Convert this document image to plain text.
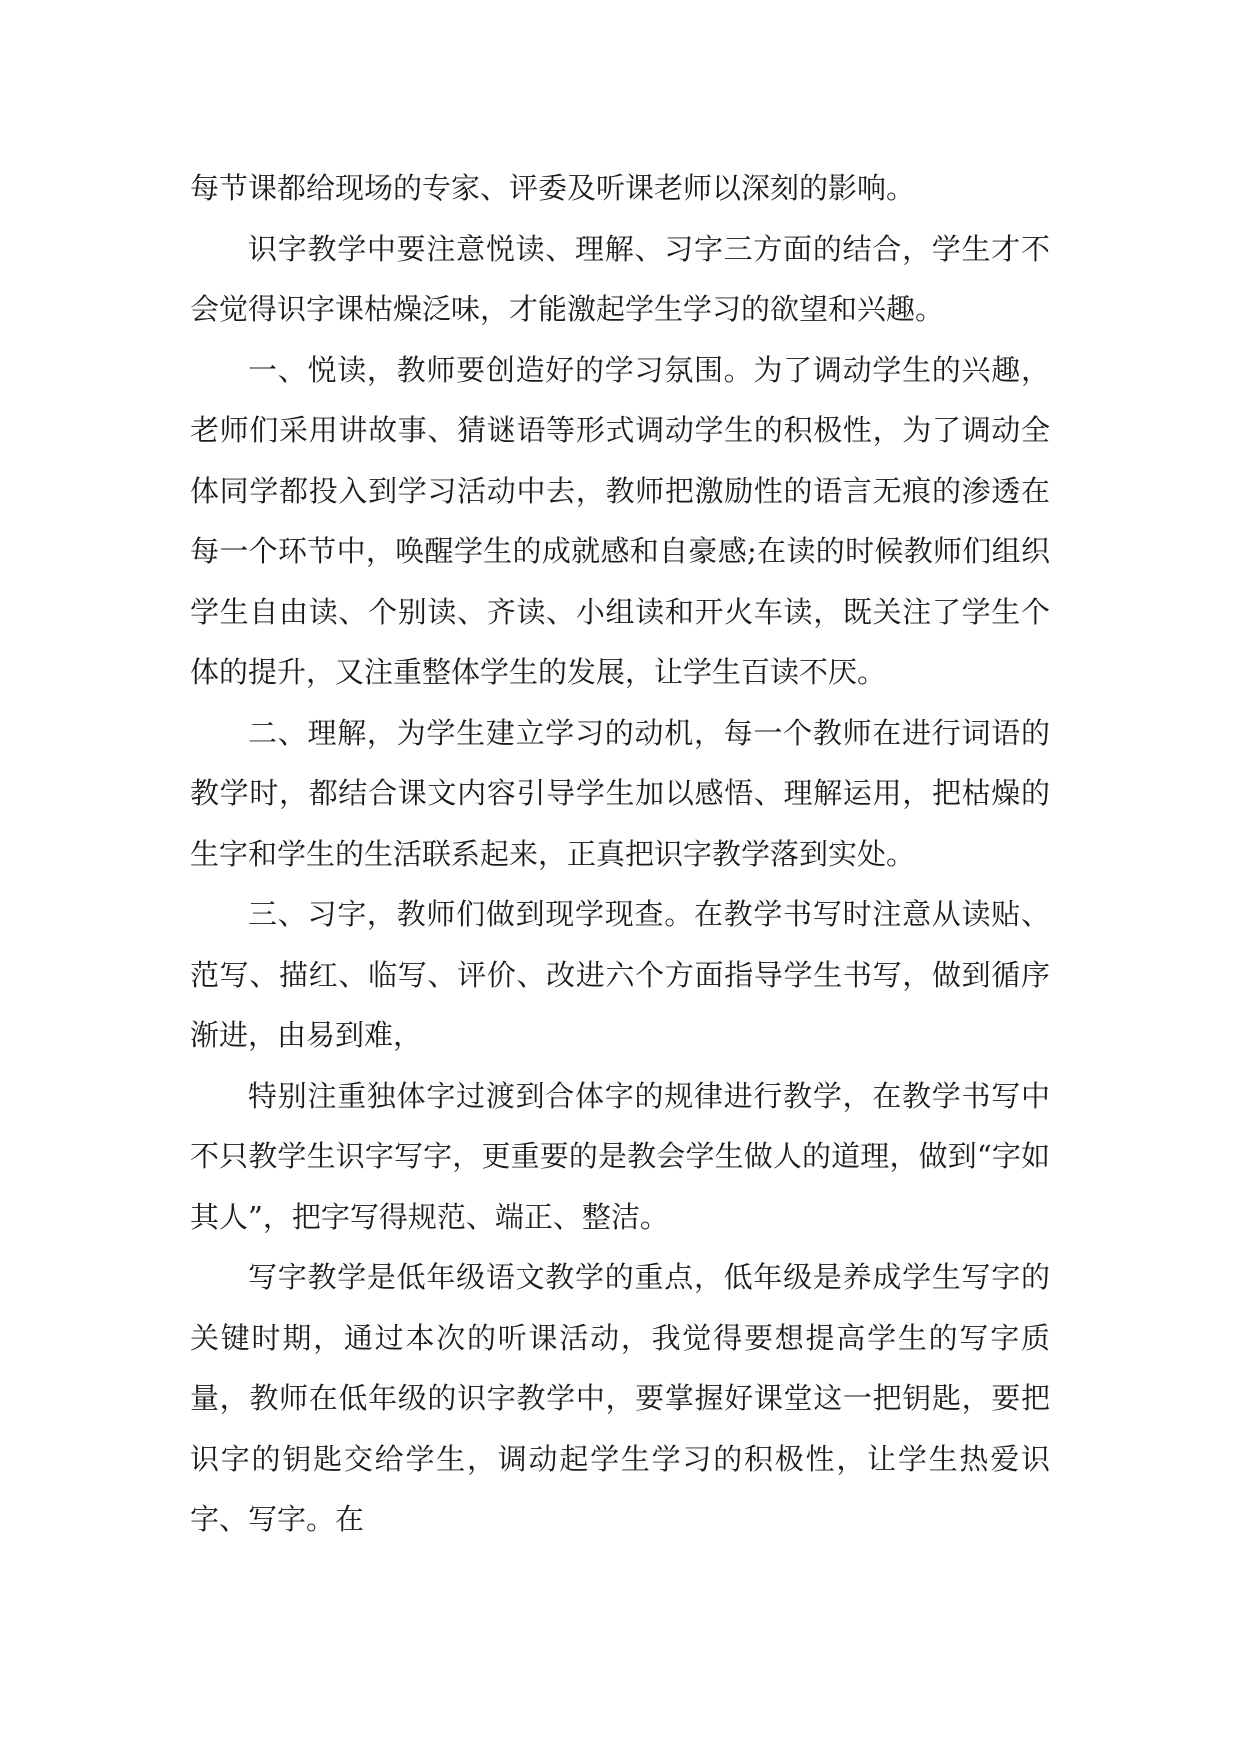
每节课都给现场的专家、评委及听课老师以深刻的影响。

识字教学中要注意悦读、理解、习字三方面的结合，学生才不会觉得识字课枯燥泛味，才能激起学生学习的欲望和兴趣。

一、悦读，教师要创造好的学习氛围。为了调动学生的兴趣，老师们采用讲故事、猜谜语等形式调动学生的积极性，为了调动全体同学都投入到学习活动中去，教师把激励性的语言无痕的渗透在每一个环节中，唤醒学生的成就感和自豪感;在读的时候教师们组织学生自由读、个别读、齐读、小组读和开火车读，既关注了学生个体的提升，又注重整体学生的发展，让学生百读不厌。

二、理解，为学生建立学习的动机，每一个教师在进行词语的教学时，都结合课文内容引导学生加以感悟、理解运用，把枯燥的生字和学生的生活联系起来，正真把识字教学落到实处。

三、习字，教师们做到现学现查。在教学书写时注意从读贴、范写、描红、临写、评价、改进六个方面指导学生书写，做到循序渐进，由易到难，

特别注重独体字过渡到合体字的规律进行教学，在教学书写中不只教学生识字写字，更重要的是教会学生做人的道理，做到“字如其人”，把字写得规范、端正、整洁。

写字教学是低年级语文教学的重点，低年级是养成学生写字的关键时期，通过本次的听课活动，我觉得要想提高学生的写字质量，教师在低年级的识字教学中，要掌握好课堂这一把钥匙，要把识字的钥匙交给学生，调动起学生学习的积极性，让学生热爱识字、写字。在
